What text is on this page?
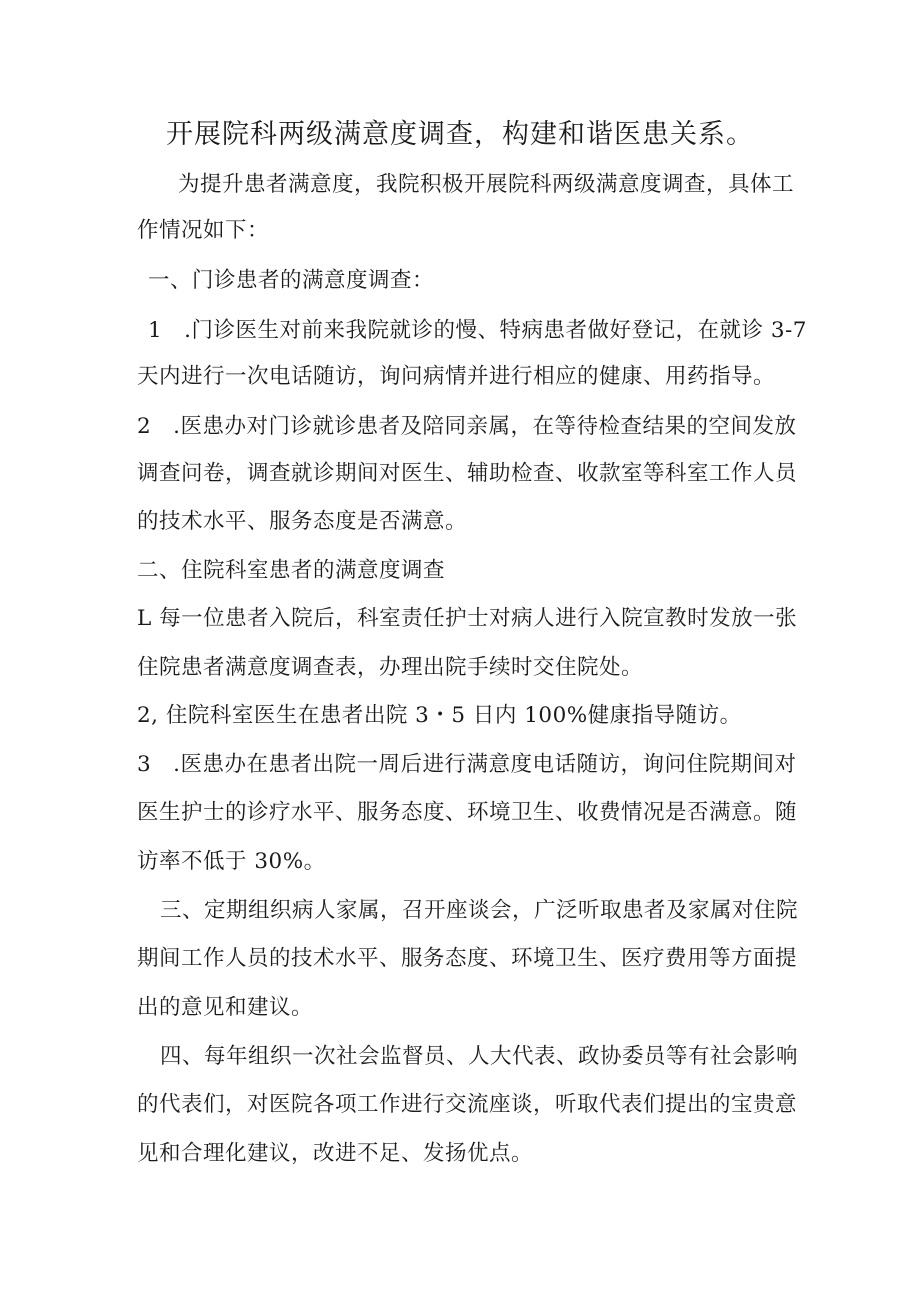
开展院科两级满意度调查，构建和谐医患关系。
为提升患者满意度，我院积极开展院科两级满意度调查，具体工
作情况如下：
一、门诊患者的满意度调查：
1　.门诊医生对前来我院就诊的慢、特病患者做好登记，在就诊 3-7
天内进行一次电话随访，询问病情并进行相应的健康、用药指导。
2　.医患办对门诊就诊患者及陪同亲属，在等待检查结果的空间发放
调查问卷，调查就诊期间对医生、辅助检查、收款室等科室工作人员
的技术水平、服务态度是否满意。
二、住院科室患者的满意度调查
L 每一位患者入院后，科室责任护士对病人进行入院宣教时发放一张
住院患者满意度调查表，办理出院手续时交住院处。
2, 住院科室医生在患者出院 3・5 日内 100%健康指导随访。
3　.医患办在患者出院一周后进行满意度电话随访，询问住院期间对
医生护士的诊疗水平、服务态度、环境卫生、收费情况是否满意。随
访率不低于 30%。
三、定期组织病人家属，召开座谈会，广泛听取患者及家属对住院
期间工作人员的技术水平、服务态度、环境卫生、医疗费用等方面提
出的意见和建议。
四、每年组织一次社会监督员、人大代表、政协委员等有社会影响
的代表们，对医院各项工作进行交流座谈，听取代表们提出的宝贵意
见和合理化建议，改进不足、发扬优点。
